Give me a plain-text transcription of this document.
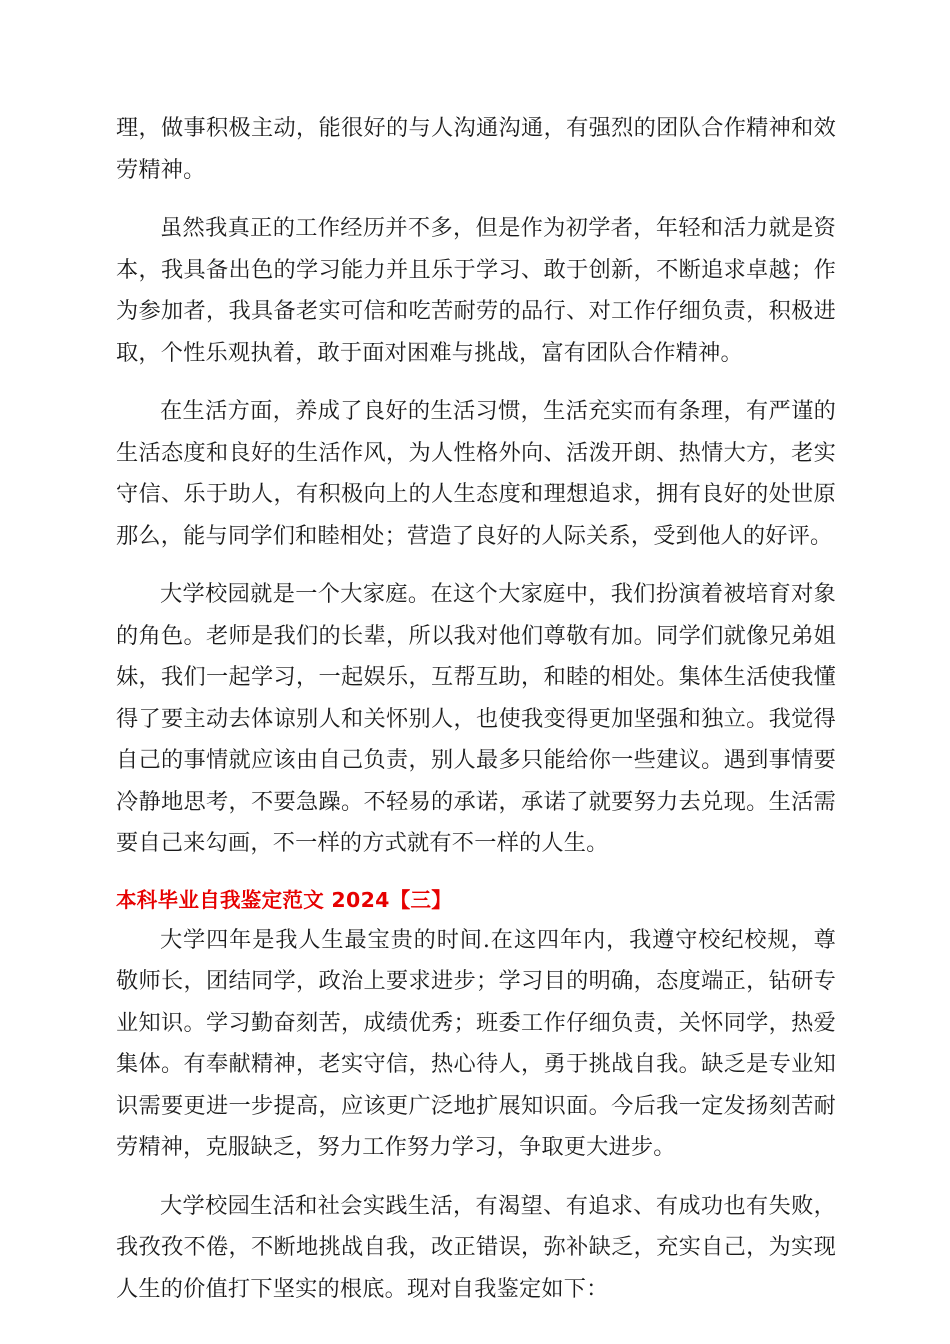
理，做事积极主动，能很好的与人沟通沟通，有强烈的团队合作精神和效劳精神。

虽然我真正的工作经历并不多，但是作为初学者，年轻和活力就是资本，我具备出色的学习能力并且乐于学习、敢于创新，不断追求卓越；作为参加者，我具备老实可信和吃苦耐劳的品行、对工作仔细负责，积极进取，个性乐观执着，敢于面对困难与挑战，富有团队合作精神。

在生活方面，养成了良好的生活习惯，生活充实而有条理，有严谨的生活态度和良好的生活作风，为人性格外向、活泼开朗、热情大方，老实守信、乐于助人，有积极向上的人生态度和理想追求，拥有良好的处世原那么，能与同学们和睦相处；营造了良好的人际关系，受到他人的好评。

大学校园就是一个大家庭。在这个大家庭中，我们扮演着被培育对象的角色。老师是我们的长辈，所以我对他们尊敬有加。同学们就像兄弟姐妹，我们一起学习，一起娱乐，互帮互助，和睦的相处。集体生活使我懂得了要主动去体谅别人和关怀别人，也使我变得更加坚强和独立。我觉得自己的事情就应该由自己负责，别人最多只能给你一些建议。遇到事情要冷静地思考，不要急躁。不轻易的承诺，承诺了就要努力去兑现。生活需要自己来勾画，不一样的方式就有不一样的人生。

本科毕业自我鉴定范文 2024【三】

大学四年是我人生最宝贵的时间.在这四年内，我遵守校纪校规，尊敬师长，团结同学，政治上要求进步；学习目的明确，态度端正，钻研专业知识。学习勤奋刻苦，成绩优秀；班委工作仔细负责，关怀同学，热爱集体。有奉献精神，老实守信，热心待人，勇于挑战自我。缺乏是专业知识需要更进一步提高，应该更广泛地扩展知识面。今后我一定发扬刻苦耐劳精神，克服缺乏，努力工作努力学习，争取更大进步。

大学校园生活和社会实践生活，有渴望、有追求、有成功也有失败，我孜孜不倦，不断地挑战自我，改正错误，弥补缺乏，充实自己，为实现人生的价值打下坚实的根底。现对自我鉴定如下：
